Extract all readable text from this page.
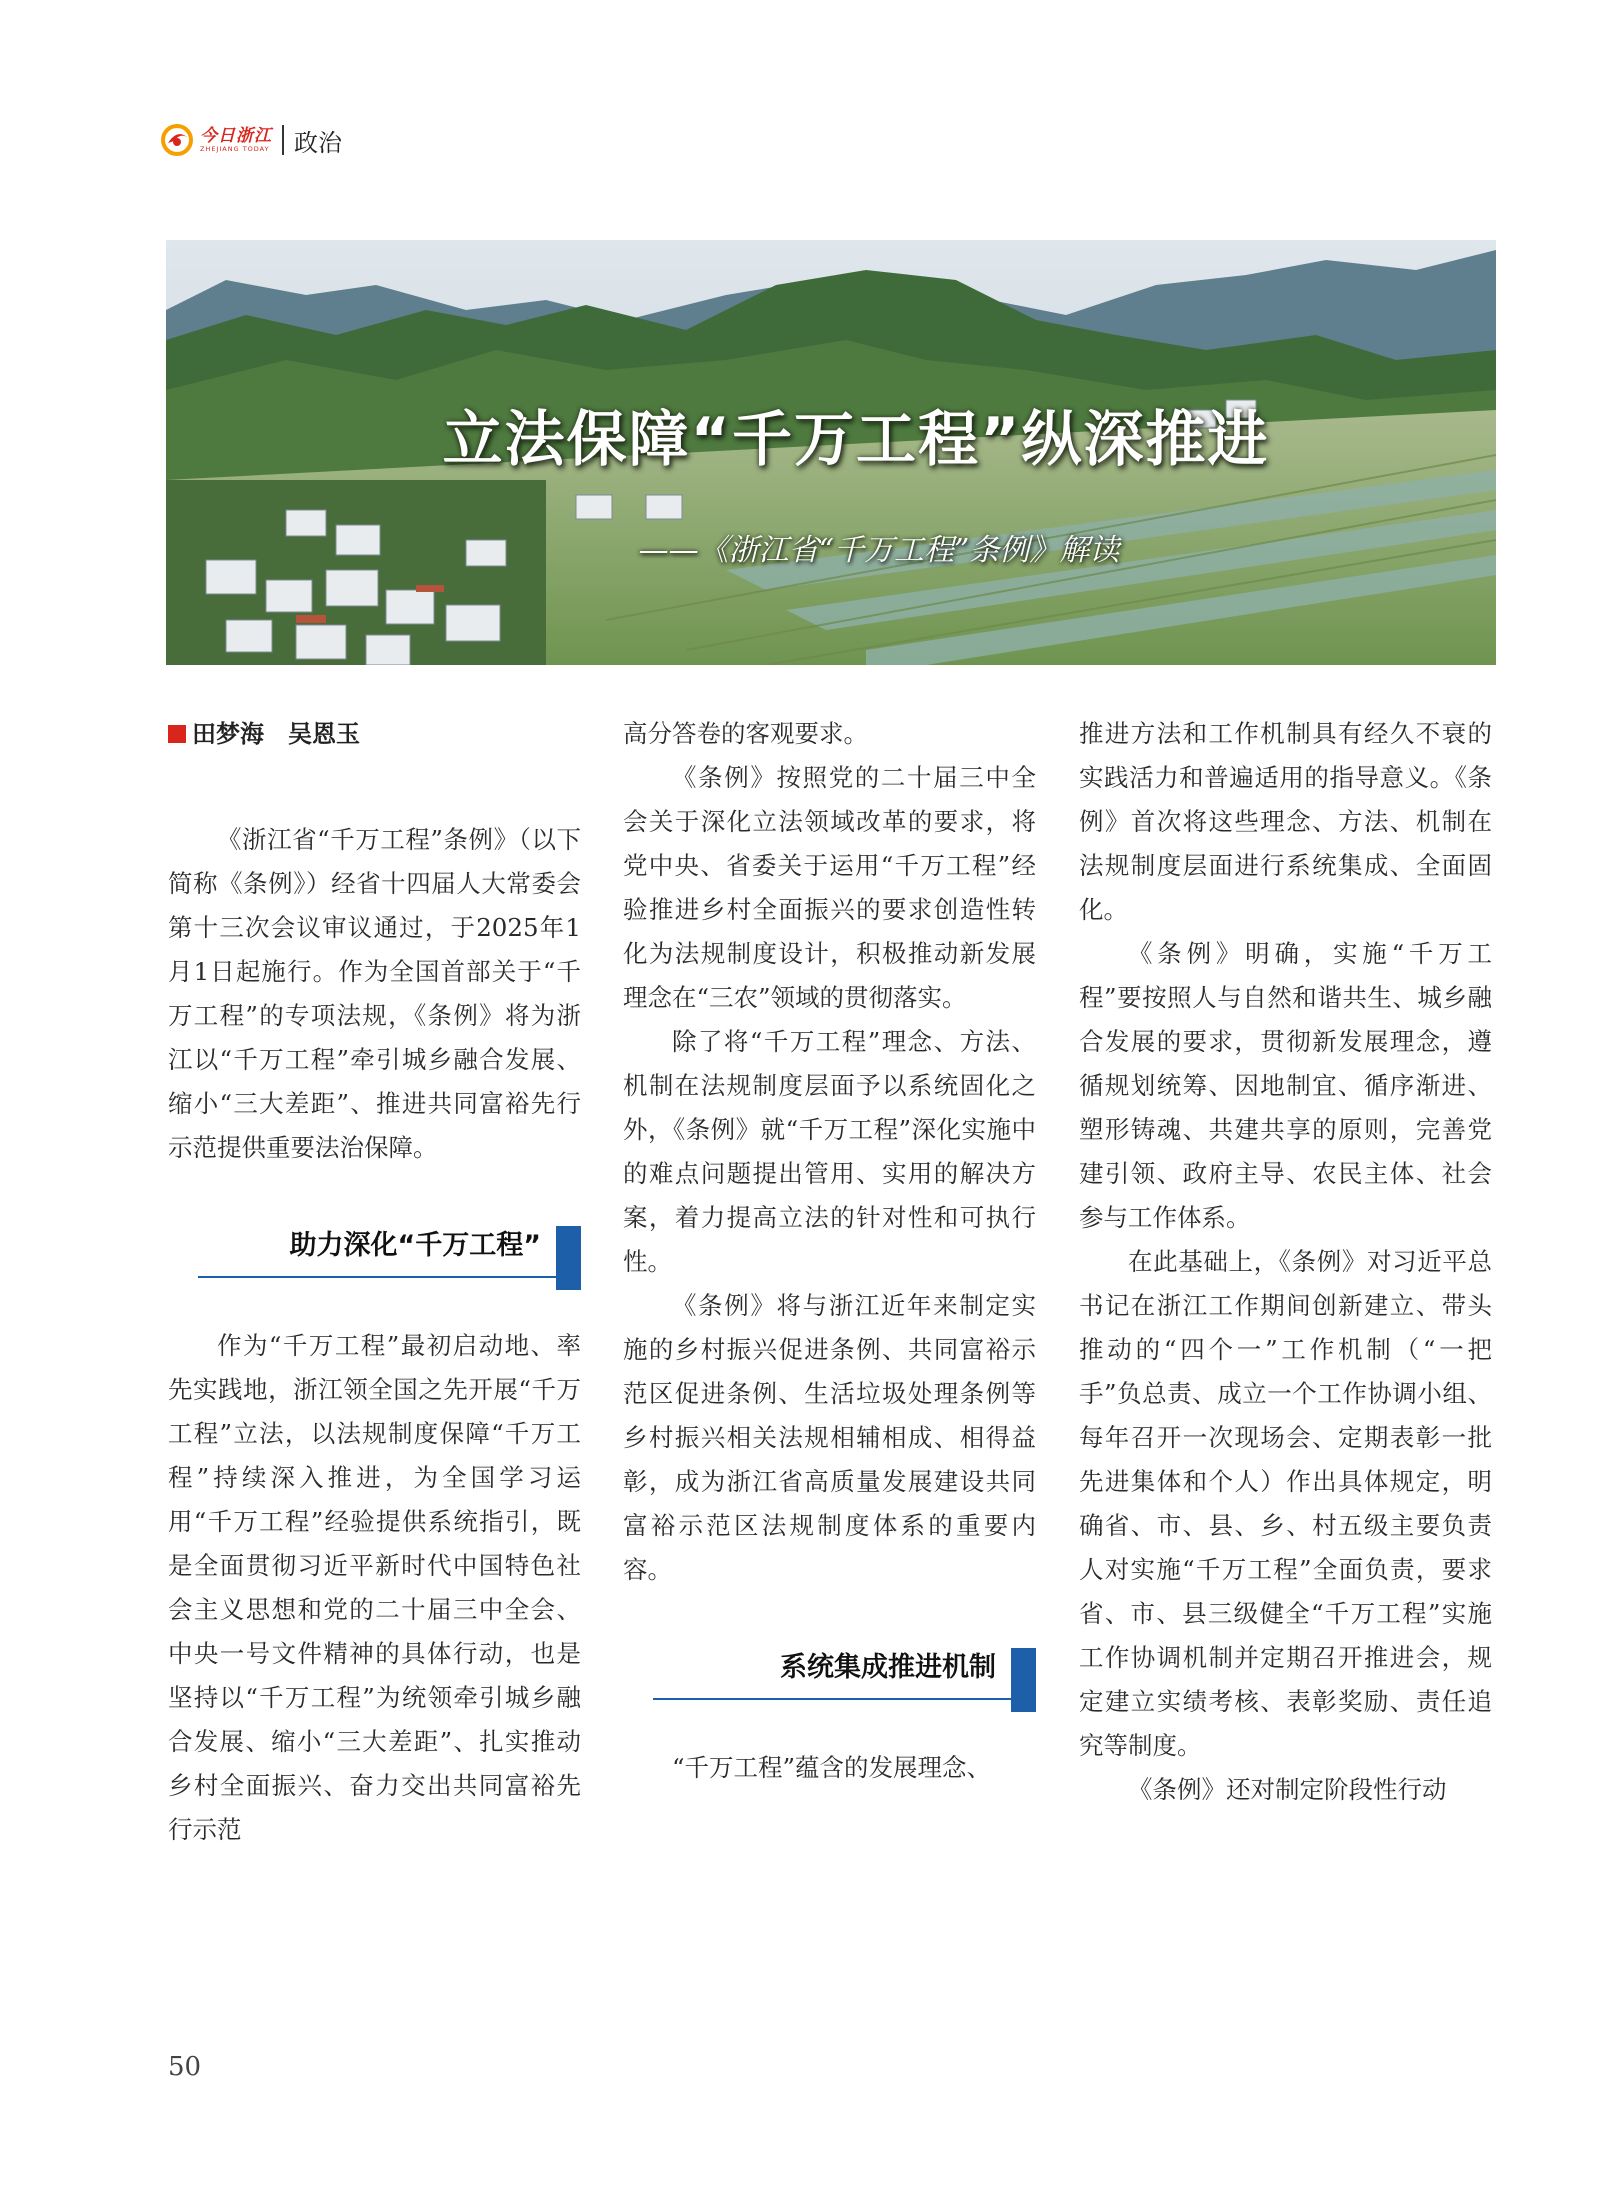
今日浙江
ZHEJIANG TODAY 政治
立法保障“千万工程”纵深推进
——《浙江省“千万工程”条例》解读
田梦海　吴恩玉

《浙江省“千万工程”条例》（以下简称《条例》）经省十四届人大常委会第十三次会议审议通过，于2025年1月1日起施行。作为全国首部关于“千万工程”的专项法规，《条例》将为浙江以“千万工程”牵引城乡融合发展、缩小“三大差距”、推进共同富裕先行示范提供重要法治保障。

助力深化“千万工程”

作为“千万工程”最初启动地、率先实践地，浙江领全国之先开展“千万工程”立法，以法规制度保障“千万工程”持续深入推进，为全国学习运用“千万工程”经验提供系统指引，既是全面贯彻习近平新时代中国特色社会主义思想和党的二十届三中全会、中央一号文件精神的具体行动，也是坚持以“千万工程”为统领牵引城乡融合发展、缩小“三大差距”、扎实推动乡村全面振兴、奋力交出共同富裕先行示范

高分答卷的客观要求。

《条例》按照党的二十届三中全会关于深化立法领域改革的要求，将党中央、省委关于运用“千万工程”经验推进乡村全面振兴的要求创造性转化为法规制度设计，积极推动新发展理念在“三农”领域的贯彻落实。

除了将“千万工程”理念、方法、机制在法规制度层面予以系统固化之外，《条例》就“千万工程”深化实施中的难点问题提出管用、实用的解决方案，着力提高立法的针对性和可执行性。

《条例》将与浙江近年来制定实施的乡村振兴促进条例、共同富裕示范区促进条例、生活垃圾处理条例等乡村振兴相关法规相辅相成、相得益彰，成为浙江省高质量发展建设共同富裕示范区法规制度体系的重要内容。

系统集成推进机制

“千万工程”蕴含的发展理念、

推进方法和工作机制具有经久不衰的实践活力和普遍适用的指导意义。《条例》首次将这些理念、方法、机制在法规制度层面进行系统集成、全面固化。

《条例》明确，实施“千万工程”要按照人与自然和谐共生、城乡融合发展的要求，贯彻新发展理念，遵循规划统筹、因地制宜、循序渐进、塑形铸魂、共建共享的原则，完善党建引领、政府主导、农民主体、社会参与工作体系。

在此基础上，《条例》对习近平总书记在浙江工作期间创新建立、带头推动的“四个一”工作机制（“一把手”负总责、成立一个工作协调小组、每年召开一次现场会、定期表彰一批先进集体和个人）作出具体规定，明确省、市、县、乡、村五级主要负责人对实施“千万工程”全面负责，要求省、市、县三级健全“千万工程”实施工作协调机制并定期召开推进会，规定建立实绩考核、表彰奖励、责任追究等制度。

《条例》还对制定阶段性行动

50
